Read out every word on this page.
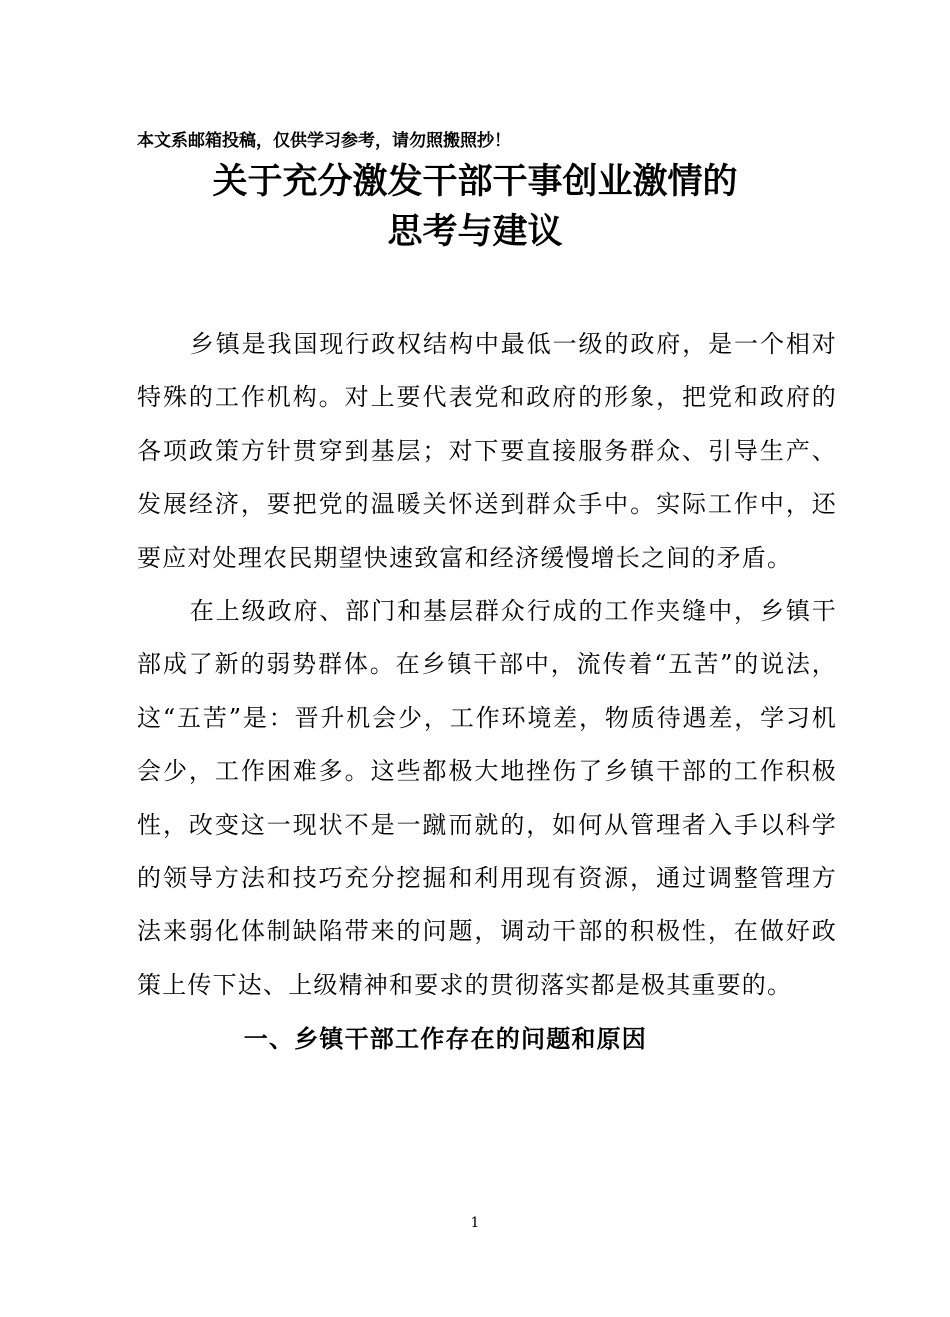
本文系邮箱投稿，仅供学习参考，请勿照搬照抄！
关于充分激发干部干事创业激情的
思考与建议

乡镇是我国现行政权结构中最低一级的政府，是一个相对特殊的工作机构。对上要代表党和政府的形象，把党和政府的各项政策方针贯穿到基层；对下要直接服务群众、引导生产、发展经济，要把党的温暖关怀送到群众手中。实际工作中，还要应对处理农民期望快速致富和经济缓慢增长之间的矛盾。

在上级政府、部门和基层群众行成的工作夹缝中，乡镇干部成了新的弱势群体。在乡镇干部中，流传着“五苦”的说法，这“五苦”是：晋升机会少，工作环境差，物质待遇差，学习机会少，工作困难多。这些都极大地挫伤了乡镇干部的工作积极性，改变这一现状不是一蹴而就的，如何从管理者入手以科学的领导方法和技巧充分挖掘和利用现有资源，通过调整管理方法来弱化体制缺陷带来的问题，调动干部的积极性，在做好政策上传下达、上级精神和要求的贯彻落实都是极其重要的。

一、乡镇干部工作存在的问题和原因

1
